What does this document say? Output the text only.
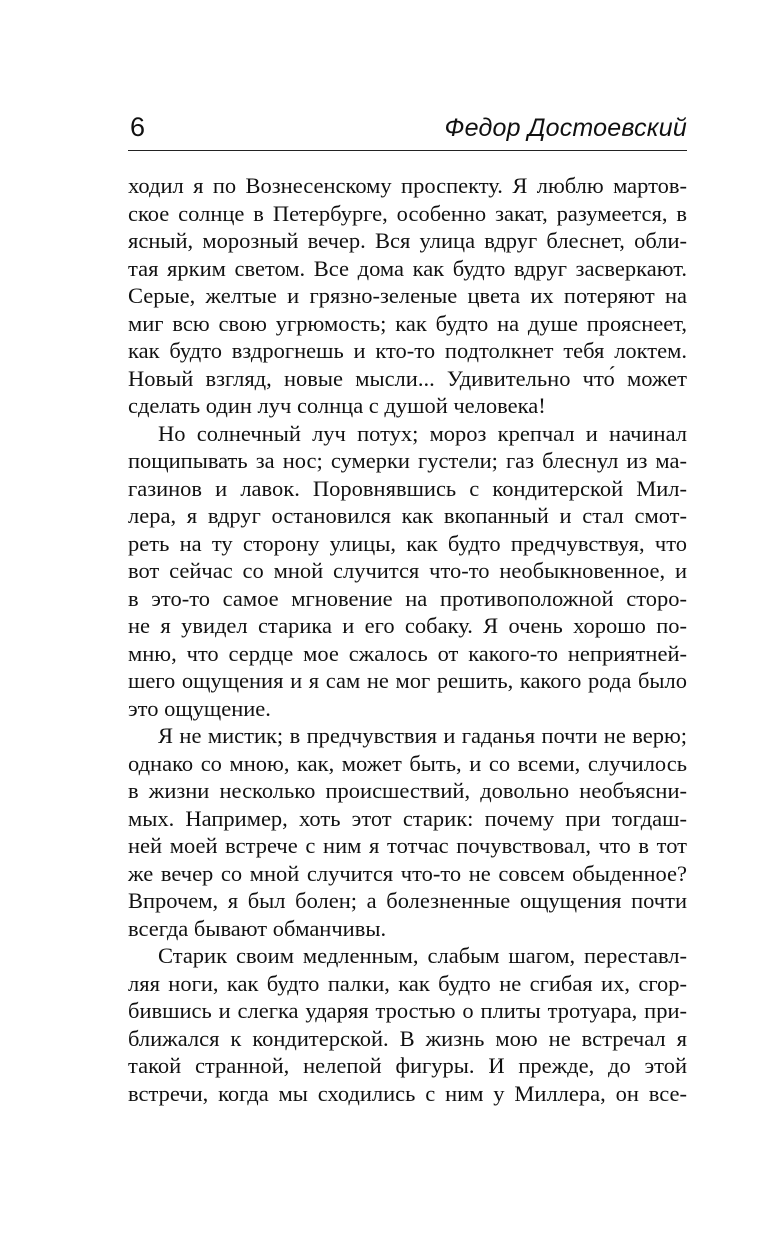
6	Федор Достоевский
ходил я по Вознесенскому проспекту. Я люблю мартов-
ское солнце в Петербурге, особенно закат, разумеется, в
ясный, морозный вечер. Вся улица вдруг блеснет, обли-
тая ярким светом. Все дома как будто вдруг засверкают.
Серые, желтые и грязно-зеленые цвета их потеряют на
миг всю свою угрюмость; как будто на душе прояснеет,
как будто вздрогнешь и кто-то подтолкнет тебя локтем.
Новый взгляд, новые мысли... Удивительно что́ может
сделать один луч солнца с душой человека!
Но солнечный луч потух; мороз крепчал и начинал
пощипывать за нос; сумерки густели; газ блеснул из ма-
газинов и лавок. Поровнявшись с кондитерской Мил-
лера, я вдруг остановился как вкопанный и стал смот-
реть на ту сторону улицы, как будто предчувствуя, что
вот сейчас со мной случится что-то необыкновенное, и
в это-то самое мгновение на противоположной сторо-
не я увидел старика и его собаку. Я очень хорошо по-
мню, что сердце мое сжалось от какого-то неприятней-
шего ощущения и я сам не мог решить, какого рода было
это ощущение.
Я не мистик; в предчувствия и гаданья почти не верю;
однако со мною, как, может быть, и со всеми, случилось
в жизни несколько происшествий, довольно необъясни-
мых. Например, хоть этот старик: почему при тогдаш-
ней моей встрече с ним я тотчас почувствовал, что в тот
же вечер со мной случится что-то не совсем обыденное?
Впрочем, я был болен; а болезненные ощущения почти
всегда бывают обманчивы.
Старик своим медленным, слабым шагом, переставл-
ляя ноги, как будто палки, как будто не сгибая их, сгор-
бившись и слегка ударяя тростью о плиты тротуара, при-
ближался к кондитерской. В жизнь мою не встречал я
такой странной, нелепой фигуры. И прежде, до этой
встречи, когда мы сходились с ним у Миллера, он все-
